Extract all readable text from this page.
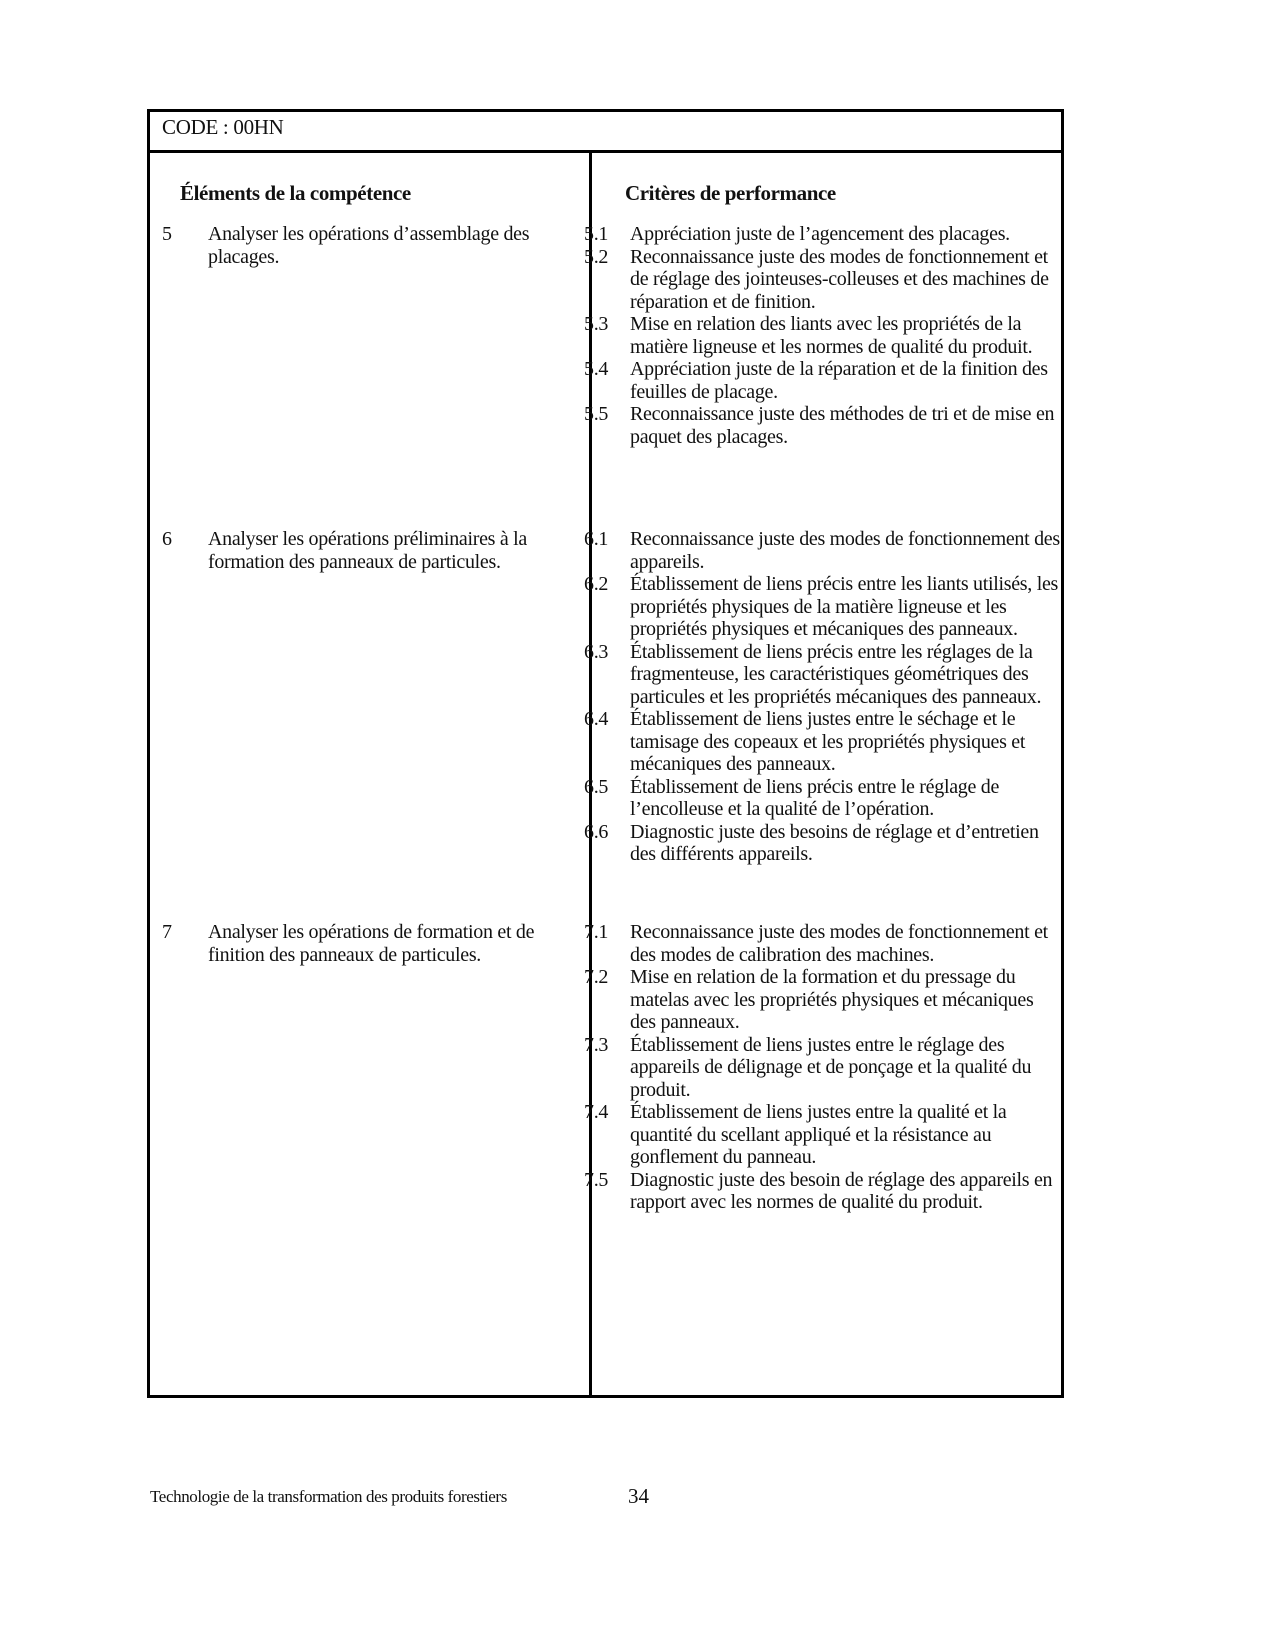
CODE : 00HN
Éléments de la compétence	Critères de performance
5 Analyser les opérations d’assemblage des placages.
5.1 Appréciation juste de l’agencement des placages.
5.2 Reconnaissance juste des modes de fonctionnement et de réglage des jointeuses-colleuses et des machines de réparation et de finition.
5.3 Mise en relation des liants avec les propriétés de la matière ligneuse et les normes de qualité du produit.
5.4 Appréciation juste de la réparation et de la finition des feuilles de placage.
5.5 Reconnaissance juste des méthodes de tri et de mise en paquet des placages.
6 Analyser les opérations préliminaires à la formation des panneaux de particules.
6.1 Reconnaissance juste des modes de fonctionnement des appareils.
6.2 Établissement de liens précis entre les liants utilisés, les propriétés physiques de la matière ligneuse et les propriétés physiques et mécaniques des panneaux.
6.3 Établissement de liens précis entre les réglages de la fragmenteuse, les caractéristiques géométriques des particules et les propriétés mécaniques des panneaux.
6.4 Établissement de liens justes entre le séchage et le tamisage des copeaux et les propriétés physiques et mécaniques des panneaux.
6.5 Établissement de liens précis entre le réglage de l’encolleuse et la qualité de l’opération.
6.6 Diagnostic juste des besoins de réglage et d’entretien des différents appareils.
7 Analyser les opérations de formation et de finition des panneaux de particules.
7.1 Reconnaissance juste des modes de fonctionnement et des modes de calibration des machines.
7.2 Mise en relation de la formation et du pressage du matelas avec les propriétés physiques et mécaniques des panneaux.
7.3 Établissement de liens justes entre le réglage des appareils de délignage et de ponçage et la qualité du produit.
7.4 Établissement de liens justes entre la qualité et la quantité du scellant appliqué et la résistance au gonflement du panneau.
7.5 Diagnostic juste des besoin de réglage des appareils en rapport avec les normes de qualité du produit.
Technologie de la transformation des produits forestiers	34
